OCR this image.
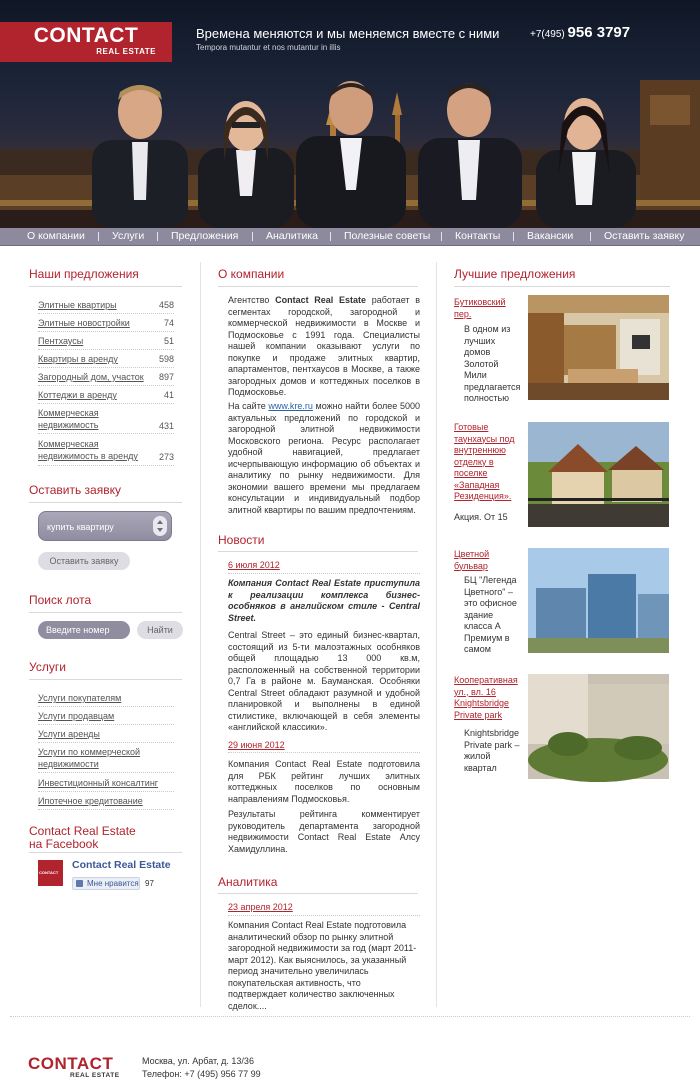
CONTACT
REAL ESTATE
Времена меняются и мы меняемся вместе с ними
Tempora mutantur et nos mutantur in illis
+7(495) 956 3797
О компании	Услуги	Предложения	Аналитика Полезные советы Контакты	Вакансии	Оставить заявку
Наши предложения
Элитные квартиры	458
Элитные новостройки	74
Пентхаусы	51
Квартиры в аренду	598
Загородный дом, участок	897
Коттеджи в аренду	41
Коммерческая недвижимость	431
Коммерческая недвижимость в аренду	273
Оставить заявку
купить квартиру
Оставить заявку
Поиск лота
Введите номер	Найти
Услуги
Услуги покупателям
Услуги продавцам
Услуги аренды
Услуги по коммерческой недвижимости
Инвестиционный консалтинг
Ипотечное кредитование
Contact Real Estate
на Facebook
CONTACT
Contact Real Estate
Мне нравится 97
О компании
Агентство Contact Real Estate работает в сегментах городской, загородной и коммерческой недвижимости в Москве и Подмосковье с 1991 года. Специалисты нашей компании оказывают услуги по покупке и продаже элитных квартир, апартаментов, пентхаусов в Москве, а также загородных домов и коттеджных поселков в Подмосковье.
На сайте www.kre.ru можно найти более 5000 актуальных предложений по городской и загородной элитной недвижимости Московского региона. Ресурс располагает удобной навигацией, предлагает исчерпывающую информацию об объектах и аналитику по рынку недвижимости. Для экономии вашего времени мы предлагаем консультации и индивидуальный подбор элитной квартиры по вашим предпочтениям.
Новости
6 июля 2012
Компания Contact Real Estate приступила к реализации комплекса бизнес-особняков в английском стиле - Central Street.
Central Street – это единый бизнес-квартал, состоящий из 5-ти малоэтажных особняков общей площадью 13 000 кв.м, расположенный на собственной территории 0,7 Га в районе м. Бауманская. Особняки Central Street обладают разумной и удобной планировкой и выполнены в единой стилистике, включающей в себя элементы «английской классики».
29 июня 2012
Компания Contact Real Estate подготовила для РБК рейтинг лучших элитных коттеджных поселков по основным направлениям Подмосковья.
Результаты рейтинга комментирует руководитель департамента загородной недвижимости Contact Real Estate Алсу Хамидуллина.
Аналитика
23 апреля 2012
Компания Contact Real Estate подготовила аналитический обзор по рынку элитной загородной недвижимости за год (март 2011-март 2012). Как выяснилось, за указанный период значительно увеличилась покупательская активность, что подтверждает количество заключенных сделок....
Лучшие предложения
Бутиковский пер.
В одном из лучших домов Золотой Мили предлагается полностью
Готовые таунхаусы под внутреннюю отделку в поселке «Западная Резиденция».
Акция. От 15
Цветной бульвар
БЦ "Легенда Цветного" – это офисное здание класса А Премиум в самом
Кооперативная ул., вл. 16 Knightsbridge Private park
Knightsbridge Private park – жилой квартал
CONTACT
REAL ESTATE
Москва, ул. Арбат, д. 13/36
Телефон: +7 (495) 956 77 99
